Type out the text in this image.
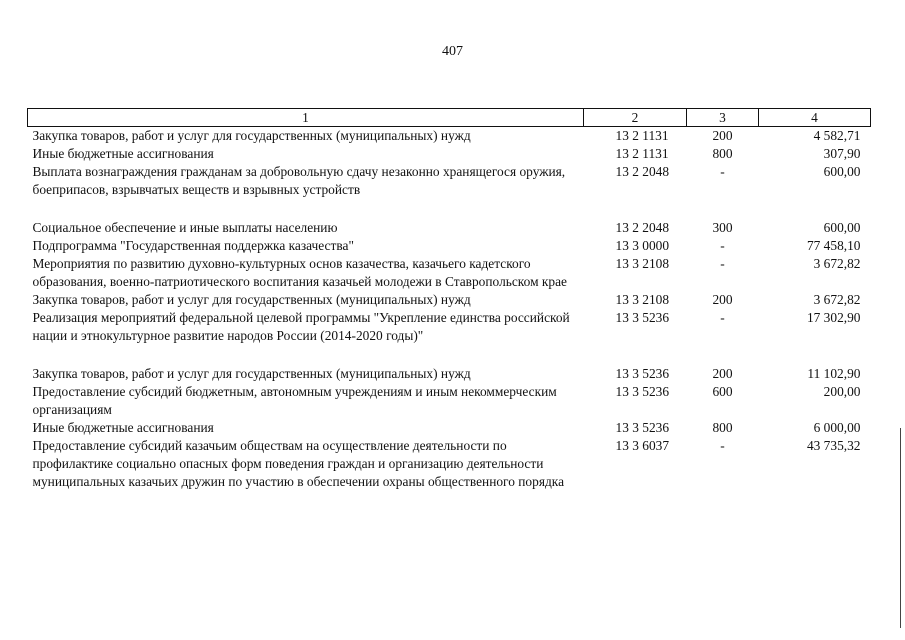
407
1	2	3	4
Закупка товаров, работ и услуг для государственных (муниципальных) нужд	13 2 1131	200	4 582,71
Иные бюджетные ассигнования	13 2 1131	800	307,90
Выплата вознаграждения гражданам за добровольную сдачу незаконно хранящегося оружия, боеприпасов, взрывчатых веществ и взрывных устройств	13 2 2048	-	600,00
Социальное обеспечение и иные выплаты населению	13 2 2048	300	600,00
Подпрограмма "Государственная поддержка казачества"	13 3 0000	-	77 458,10
Мероприятия по развитию духовно-культурных основ казачества, казачьего кадетского образования, военно-патриотического воспитания казачьей молодежи в Ставропольском крае	13 3 2108	-	3 672,82
Закупка товаров, работ и услуг для государственных (муниципальных) нужд	13 3 2108	200	3 672,82
Реализация мероприятий федеральной целевой программы "Укрепление единства российской нации и этнокультурное развитие народов России (2014-2020 годы)"	13 3 5236	-	17 302,90
Закупка товаров, работ и услуг для государственных (муниципальных) нужд	13 3 5236	200	11 102,90
Предоставление субсидий бюджетным, автономным учреждениям и иным некоммерческим организациям	13 3 5236	600	200,00
Иные бюджетные ассигнования	13 3 5236	800	6 000,00
Предоставление субсидий казачьим обществам на осуществление деятельности по профилактике социально опасных форм поведения граждан и организацию деятельности муниципальных казачьих дружин по участию в обеспечении охраны общественного порядка	13 3 6037	-	43 735,32
